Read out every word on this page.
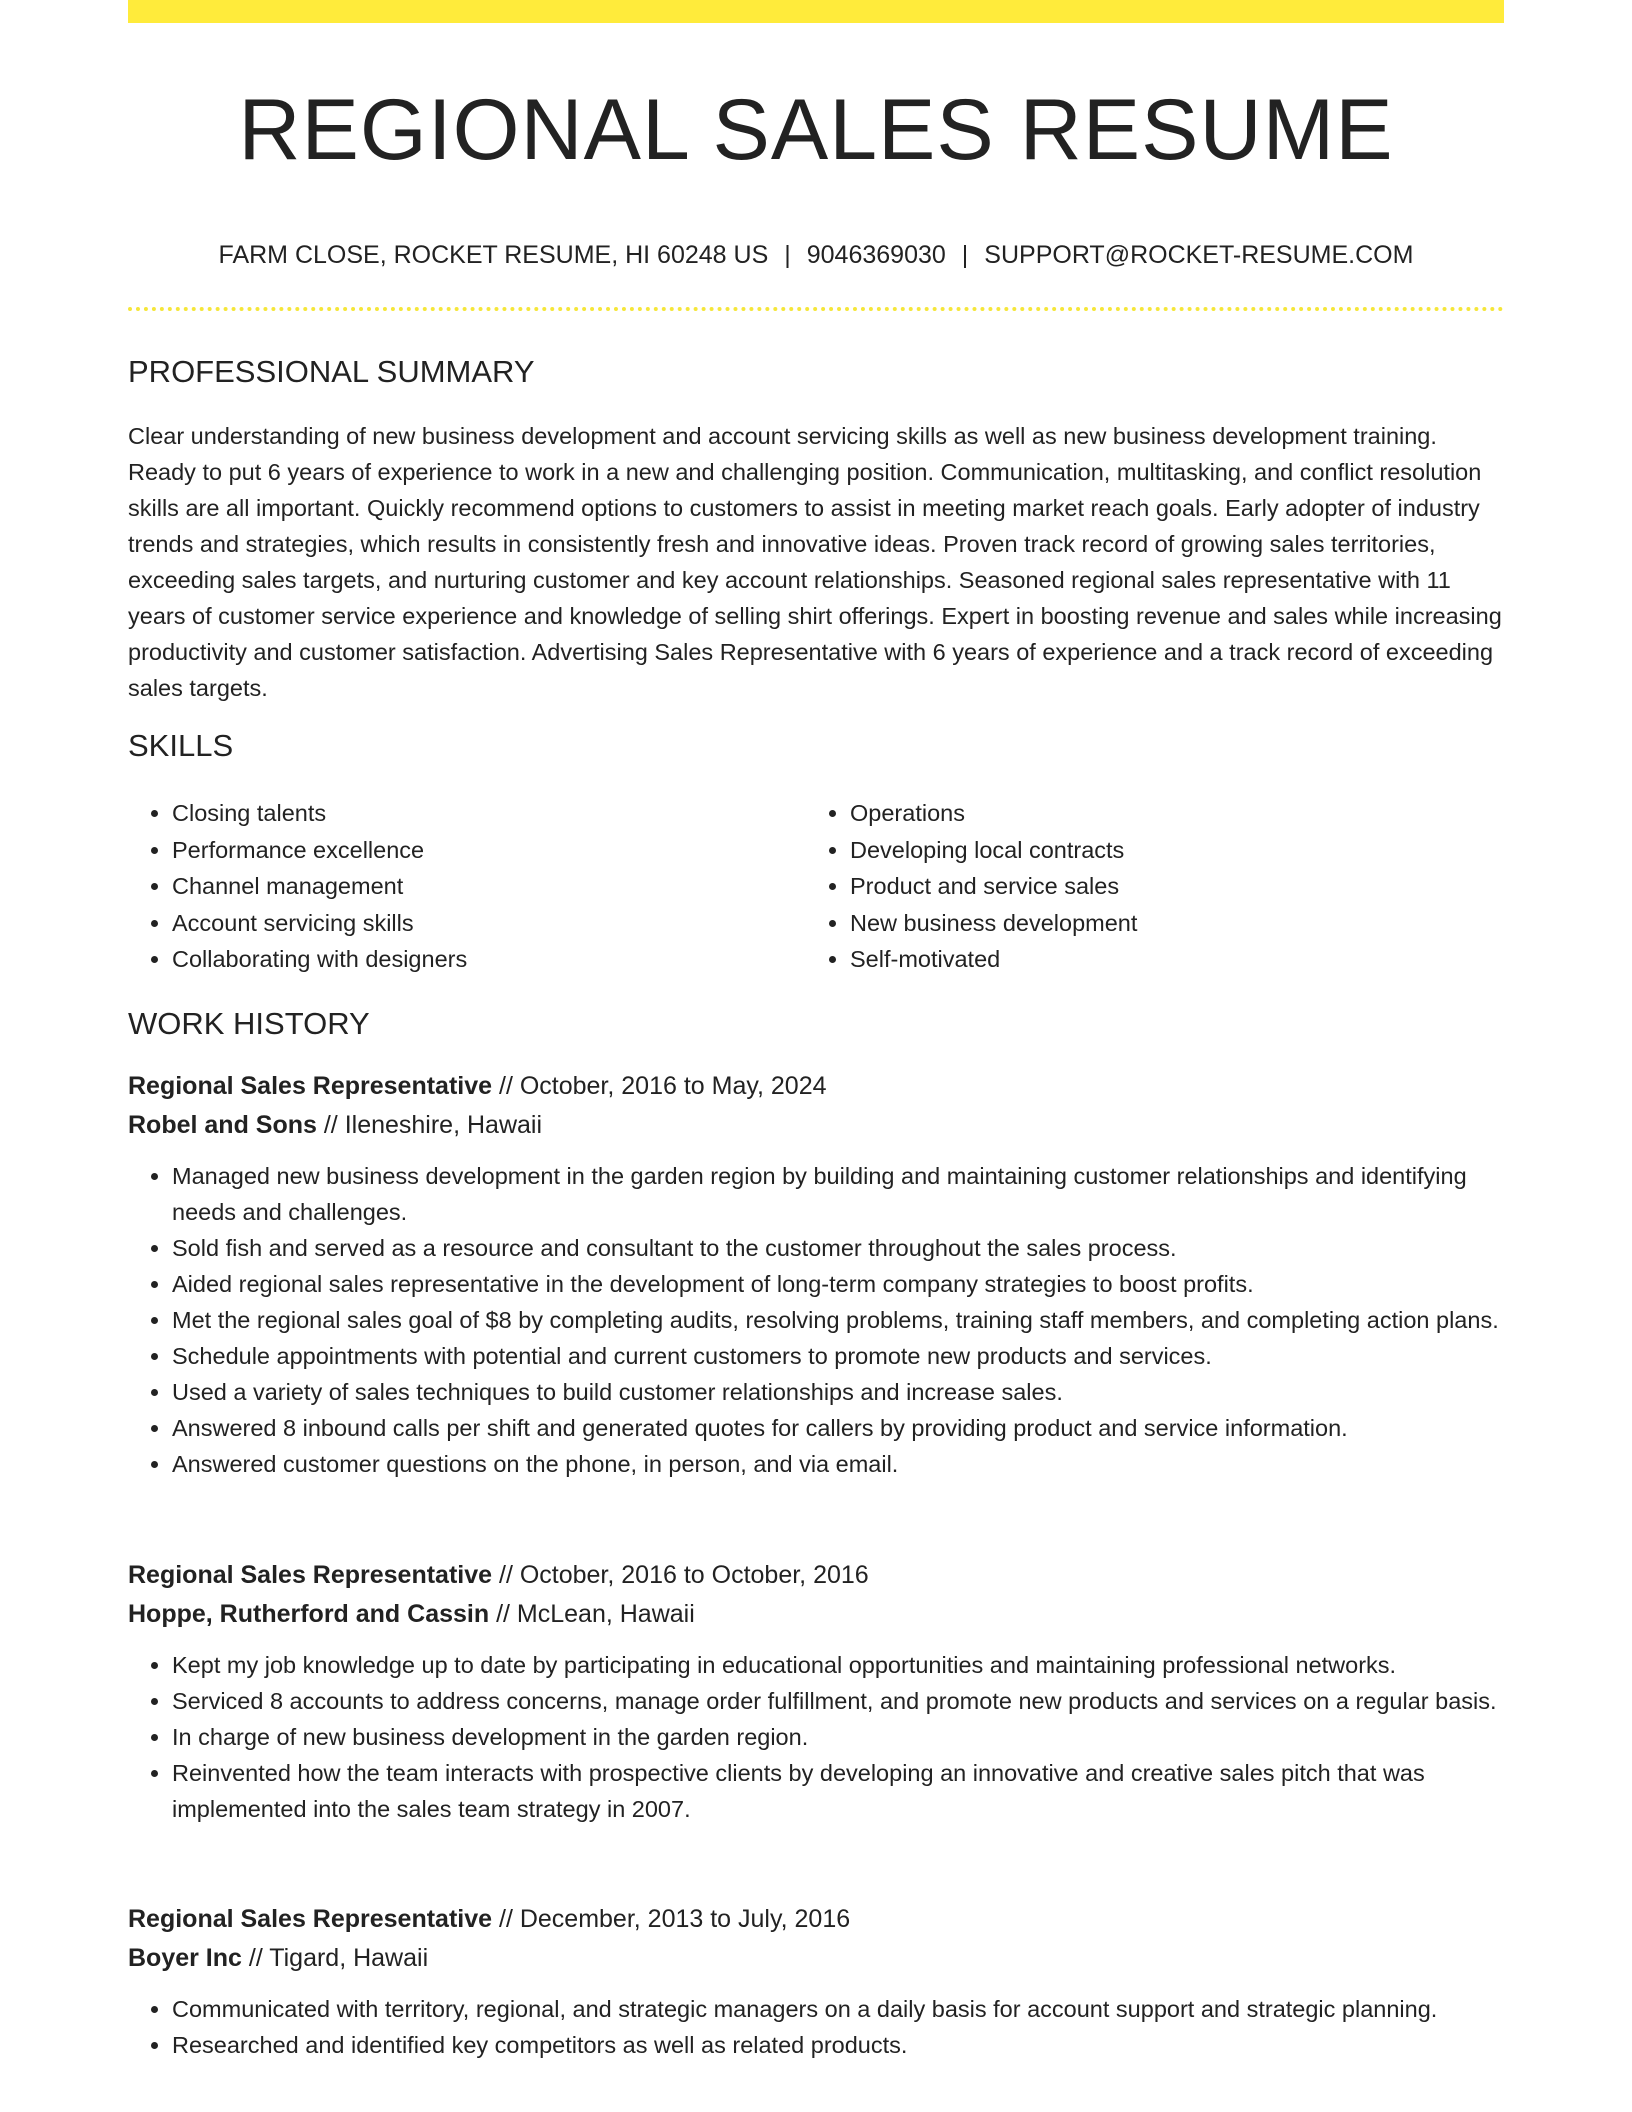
REGIONAL SALES RESUME
FARM CLOSE, ROCKET RESUME, HI 60248 US | 9046369030 | SUPPORT@ROCKET-RESUME.COM
PROFESSIONAL SUMMARY

Clear understanding of new business development and account servicing skills as well as new business development training. Ready to put 6 years of experience to work in a new and challenging position. Communication, multitasking, and conflict resolution skills are all important. Quickly recommend options to customers to assist in meeting market reach goals. Early adopter of industry trends and strategies, which results in consistently fresh and innovative ideas. Proven track record of growing sales territories, exceeding sales targets, and nurturing customer and key account relationships. Seasoned regional sales representative with 11 years of customer service experience and knowledge of selling shirt offerings. Expert in boosting revenue and sales while increasing productivity and customer satisfaction. Advertising Sales Representative with 6 years of experience and a track record of exceeding sales targets.

SKILLS
• Closing talents
• Performance excellence
• Channel management
• Account servicing skills
• Collaborating with designers
• Operations
• Developing local contracts
• Product and service sales
• New business development
• Self-motivated
WORK HISTORY
Regional Sales Representative // October, 2016 to May, 2024
Robel and Sons // Ileneshire, Hawaii
• Managed new business development in the garden region by building and maintaining customer relationships and identifying needs and challenges.
• Sold fish and served as a resource and consultant to the customer throughout the sales process.
• Aided regional sales representative in the development of long-term company strategies to boost profits.
• Met the regional sales goal of $8 by completing audits, resolving problems, training staff members, and completing action plans.
• Schedule appointments with potential and current customers to promote new products and services.
• Used a variety of sales techniques to build customer relationships and increase sales.
• Answered 8 inbound calls per shift and generated quotes for callers by providing product and service information.
• Answered customer questions on the phone, in person, and via email.
Regional Sales Representative // October, 2016 to October, 2016
Hoppe, Rutherford and Cassin // McLean, Hawaii
• Kept my job knowledge up to date by participating in educational opportunities and maintaining professional networks.
• Serviced 8 accounts to address concerns, manage order fulfillment, and promote new products and services on a regular basis.
• In charge of new business development in the garden region.
• Reinvented how the team interacts with prospective clients by developing an innovative and creative sales pitch that was implemented into the sales team strategy in 2007.
Regional Sales Representative // December, 2013 to July, 2016
Boyer Inc // Tigard, Hawaii
• Communicated with territory, regional, and strategic managers on a daily basis for account support and strategic planning.
• Researched and identified key competitors as well as related products.
